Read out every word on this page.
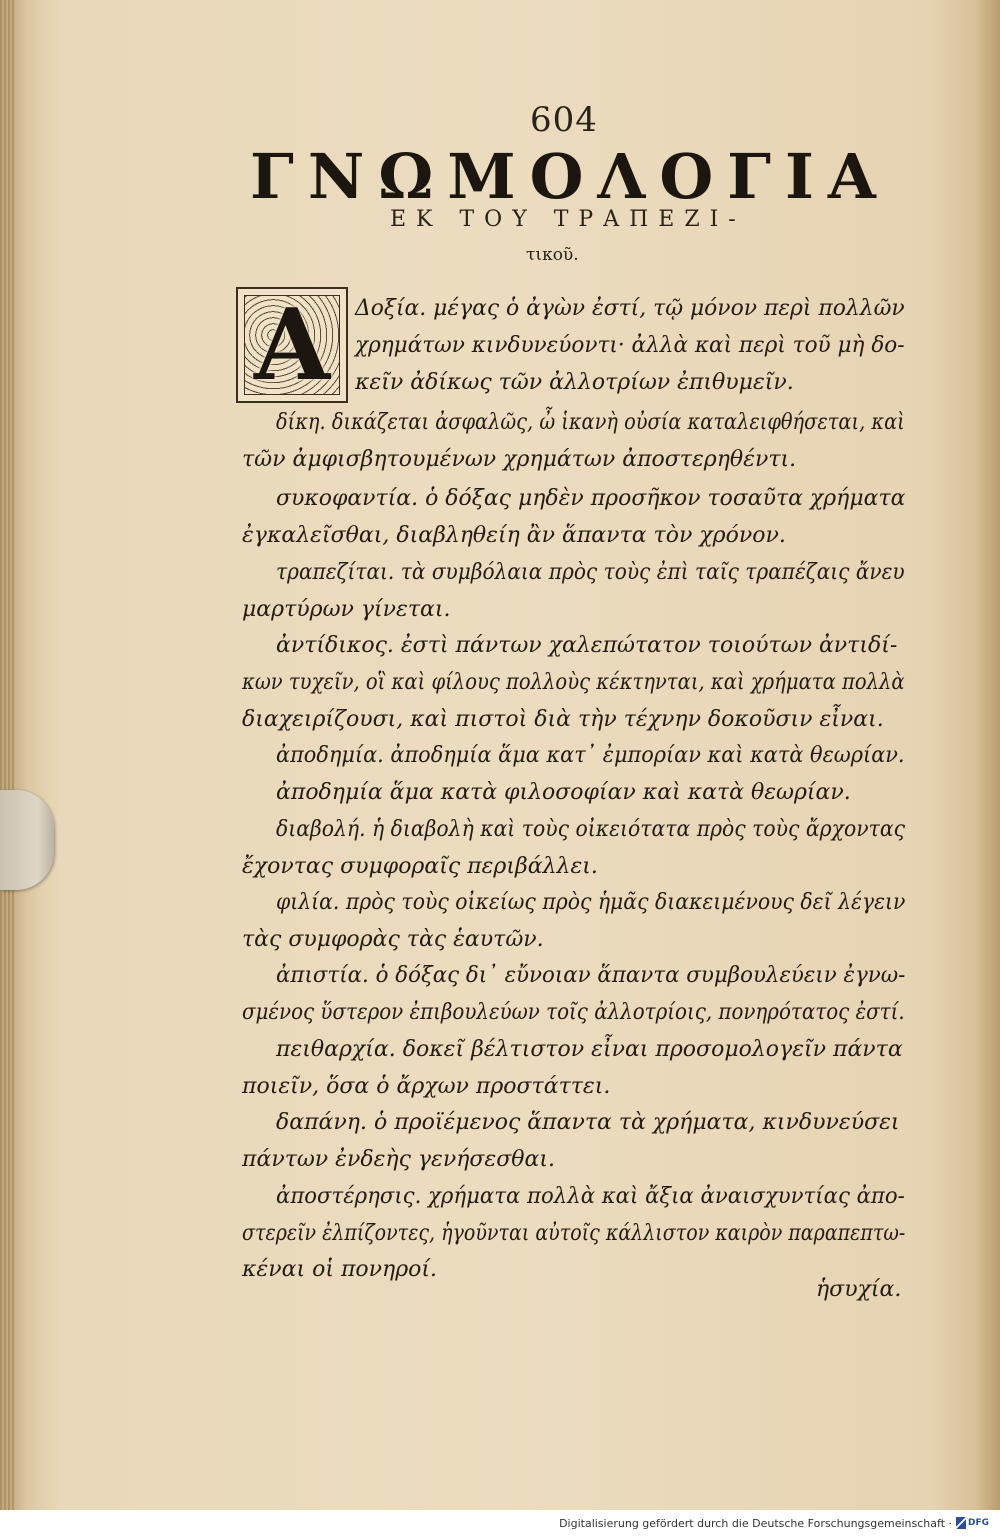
604
ΓΝΩΜΟΛΟΓΙΑ
ΕΚ ΤΟΥ ΤΡΑΠΕΖΙ-
τικοῦ.
Α	Δοξία. μέγας ὁ ἀγὼν ἐστί, τῷ μόνον περὶ πολλῶν
χρημάτων κινδυνεύοντι· ἀλλὰ καὶ περὶ τοῦ μὴ δο-
κεῖν ἀδίκως τῶν ἀλλοτρίων ἐπιθυμεῖν.
δίκη. δικάζεται ἀσφαλῶς, ὦ ἱκανὴ οὐσία καταλειφθήσεται, καὶ
τῶν ἀμφισβητουμένων χρημάτων ἀποστερηθέντι.
συκοφαντία. ὁ δόξας μηδὲν προσῆκον τοσαῦτα χρήματα
ἐγκαλεῖσθαι, διαβληθείη ἂν ἅπαντα τὸν χρόνον.
τραπεζίται. τὰ συμβόλαια πρὸς τοὺς ἐπὶ ταῖς τραπέζαις ἄνευ
μαρτύρων γίνεται.
ἀντίδικος. ἐστὶ πάντων χαλεπώτατον τοιούτων ἀντιδί-
κων τυχεῖν, οἳ καὶ φίλους πολλοὺς κέκτηνται, καὶ χρήματα πολλὰ
διαχειρίζουσι, καὶ πιστοὶ διὰ τὴν τέχνην δοκοῦσιν εἶναι.
ἀποδημία. ἀποδημία ἅμα κατ᾽ ἐμπορίαν καὶ κατὰ θεωρίαν.
ἀποδημία ἅμα κατὰ φιλοσοφίαν καὶ κατὰ θεωρίαν.
διαβολή. ἡ διαβολὴ καὶ τοὺς οἰκειότατα πρὸς τοὺς ἄρχοντας
ἔχοντας συμφοραῖς περιβάλλει.
φιλία. πρὸς τοὺς οἰκείως πρὸς ἡμᾶς διακειμένους δεῖ λέγειν
τὰς συμφορὰς τὰς ἑαυτῶν.
ἀπιστία. ὁ δόξας δι᾽ εὔνοιαν ἅπαντα συμβουλεύειν ἐγνω-
σμένος ὕστερον ἐπιβουλεύων τοῖς ἀλλοτρίοις, πονηρότατος ἐστί.
πειθαρχία. δοκεῖ βέλτιστον εἶναι προσομολογεῖν πάντα
ποιεῖν, ὅσα ὁ ἄρχων προστάττει.
δαπάνη. ὁ προϊέμενος ἅπαντα τὰ χρήματα, κινδυνεύσει
πάντων ἐνδεὴς γενήσεσθαι.
ἀποστέρησις. χρήματα πολλὰ καὶ ἄξια ἀναισχυντίας ἀπο-
στερεῖν ἐλπίζοντες, ἡγοῦνται αὐτοῖς κάλλιστον καιρὸν παραπεπτω-
κέναι οἱ πονηροί.
ἡσυχία.
Digitalisierung gefördert durch die Deutsche Forschungsgemeinschaft · DFG
